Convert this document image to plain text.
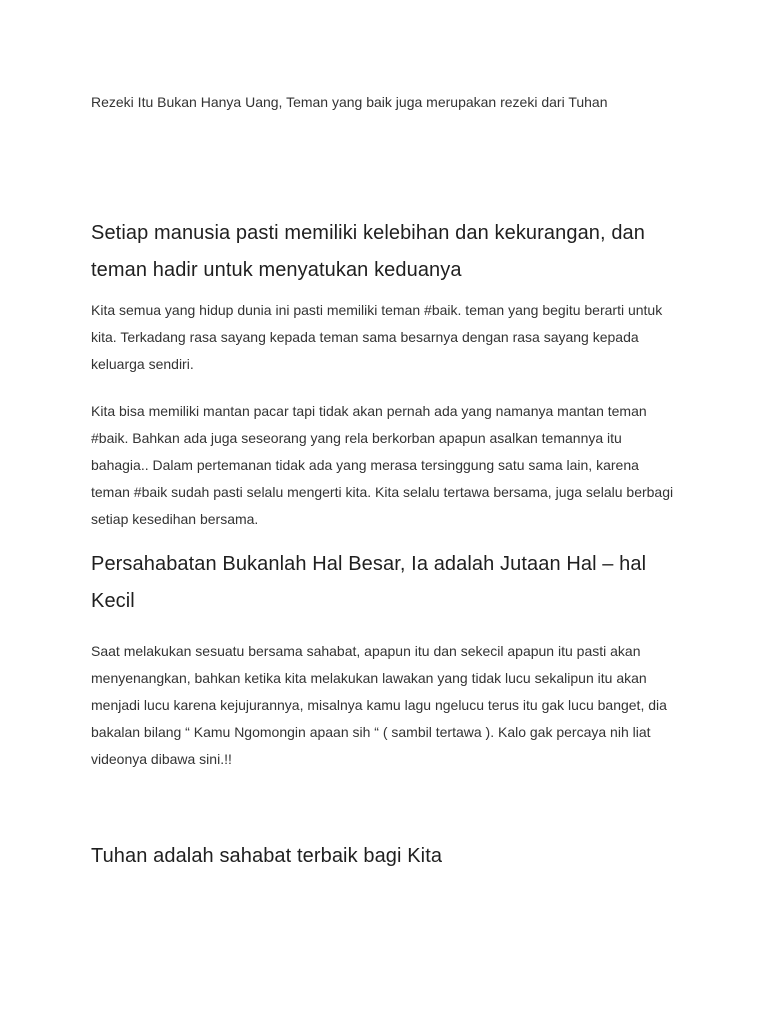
Rezeki Itu Bukan Hanya Uang, Teman yang baik juga merupakan rezeki dari Tuhan

Setiap manusia pasti memiliki kelebihan dan kekurangan, dan teman hadir untuk menyatukan keduanya

Kita semua yang hidup dunia ini pasti memiliki teman #baik. teman yang begitu berarti untuk kita. Terkadang rasa sayang kepada teman sama besarnya dengan rasa sayang kepada keluarga sendiri.

Kita bisa memiliki mantan pacar tapi tidak akan pernah ada yang namanya mantan teman #baik. Bahkan ada juga seseorang yang rela berkorban apapun asalkan temannya itu bahagia.. Dalam pertemanan tidak ada yang merasa tersinggung satu sama lain, karena teman #baik sudah pasti selalu mengerti kita. Kita selalu tertawa bersama, juga selalu berbagi setiap kesedihan bersama.

Persahabatan Bukanlah Hal Besar, Ia adalah Jutaan Hal – hal Kecil

Saat melakukan sesuatu bersama sahabat, apapun itu dan sekecil apapun itu pasti akan menyenangkan, bahkan ketika kita melakukan lawakan yang tidak lucu sekalipun itu akan menjadi lucu karena kejujurannya, misalnya kamu lagu ngelucu terus itu gak lucu banget, dia bakalan bilang “ Kamu Ngomongin apaan sih “ ( sambil tertawa ). Kalo gak percaya nih liat videonya dibawa sini.!!

Tuhan adalah sahabat terbaik bagi Kita
